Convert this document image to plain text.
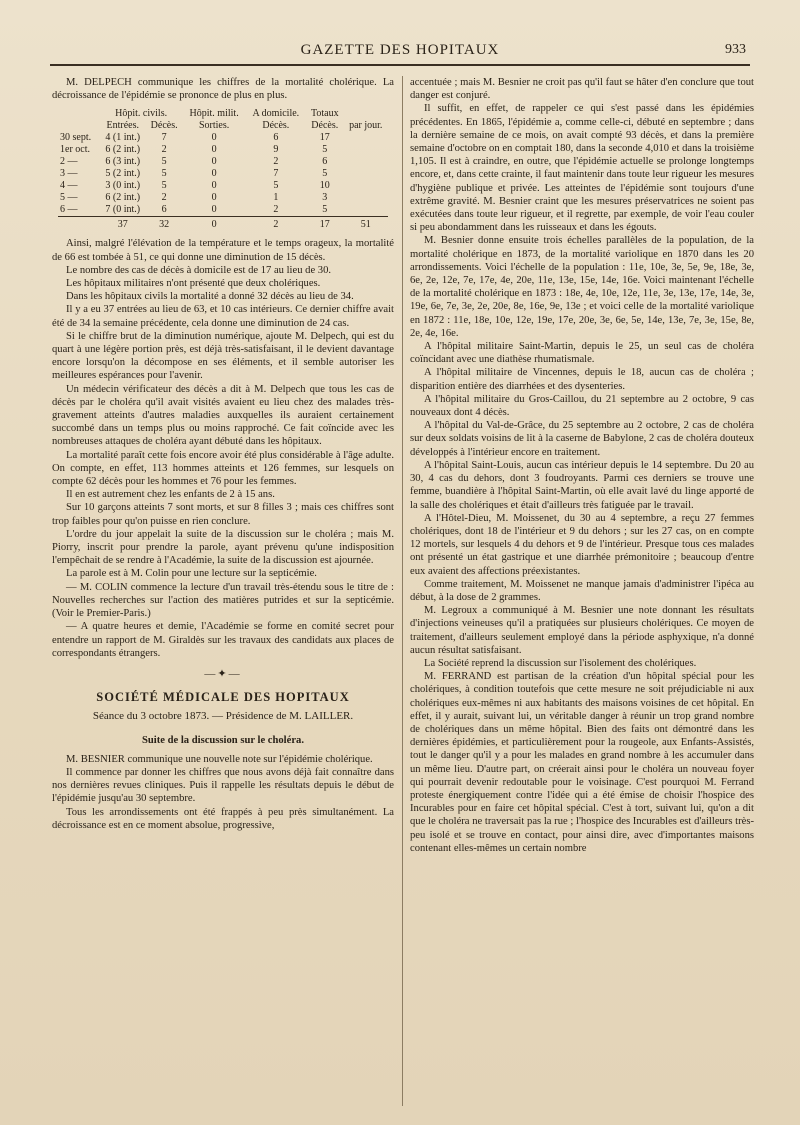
GAZETTE DES HOPITAUX	933

M. DELPECH communique les chiffres de la mortalité cholérique. La décroissance de l'épidémie se prononce de plus en plus.

	Hôpit. civils.		Hôpit. milit.	A domicile.	Totaux	
	Entrées.	Décès.	Sorties.	Décès.	Décès.	par jour.
30 sept.	4 (1 int.)	7	0	6	17	
1er oct.	6 (2 int.)	2	0	9	5	
2 —	6 (3 int.)	5	0	2	6	
3 —	5 (2 int.)	5	0	7	5	
4 —	3 (0 int.)	5	0	5	10	
5 —	6 (2 int.)	2	0	1	3	
6 —	7 (0 int.)	6	0	2	5	
	37	32	0	2	17	51

Ainsi, malgré l'élévation de la température et le temps orageux, la mortalité de 66 est tombée à 51, ce qui donne une diminution de 15 décès.

Le nombre des cas de décès à domicile est de 17 au lieu de 30.

Les hôpitaux militaires n'ont présenté que deux cholériques.

Dans les hôpitaux civils la mortalité a donné 32 décès au lieu de 34.

Il y a eu 37 entrées au lieu de 63, et 10 cas intérieurs. Ce dernier chiffre avait été de 34 la semaine précédente, cela donne une diminution de 24 cas.

Si le chiffre brut de la diminution numérique, ajoute M. Delpech, qui est du quart à une légère portion près, est déjà très-satisfaisant, il le devient davantage encore lorsqu'on la décompose en ses éléments, et il semble autoriser les meilleures espérances pour l'avenir.

Un médecin vérificateur des décès a dit à M. Delpech que tous les cas de décès par le choléra qu'il avait visités avaient eu lieu chez des malades très-gravement atteints d'autres maladies auxquelles ils auraient certainement succombé dans un temps plus ou moins rapproché. Ce fait coïncide avec les nombreuses attaques de choléra ayant débuté dans les hôpitaux.

La mortalité paraît cette fois encore avoir été plus considérable à l'âge adulte. On compte, en effet, 113 hommes atteints et 126 femmes, sur lesquels on compte 62 décès pour les hommes et 76 pour les femmes.

Il en est autrement chez les enfants de 2 à 15 ans.

Sur 10 garçons atteints 7 sont morts, et sur 8 filles 3 ; mais ces chiffres sont trop faibles pour qu'on puisse en rien conclure.

L'ordre du jour appelait la suite de la discussion sur le choléra ; mais M. Piorry, inscrit pour prendre la parole, ayant prévenu qu'une indisposition l'empêchait de se rendre à l'Académie, la suite de la discussion est ajournée.

La parole est à M. Colin pour une lecture sur la septicémie.

— M. COLIN commence la lecture d'un travail très-étendu sous le titre de : Nouvelles recherches sur l'action des matières putrides et sur la septicémie. (Voir le Premier-Paris.)

— A quatre heures et demie, l'Académie se forme en comité secret pour entendre un rapport de M. Giraldès sur les travaux des candidats aux places de correspondants étrangers.

—✦—
SOCIÉTÉ MÉDICALE DES HOPITAUX
Séance du 3 octobre 1873. — Présidence de M. LAILLER.
Suite de la discussion sur le choléra.

M. BESNIER communique une nouvelle note sur l'épidémie cholérique.

Il commence par donner les chiffres que nous avons déjà fait connaître dans nos dernières revues cliniques. Puis il rappelle les résultats depuis le début de l'épidémie jusqu'au 30 septembre.

Tous les arrondissements ont été frappés à peu près simultanément. La décroissance est en ce moment absolue, progressive,

accentuée ; mais M. Besnier ne croit pas qu'il faut se hâter d'en conclure que tout danger est conjuré.

Il suffit, en effet, de rappeler ce qui s'est passé dans les épidémies précédentes. En 1865, l'épidémie a, comme celle-ci, débuté en septembre ; dans la dernière semaine de ce mois, on avait compté 93 décès, et dans la première semaine d'octobre on en comptait 180, dans la seconde 4,010 et dans la troisième 1,105. Il est à craindre, en outre, que l'épidémie actuelle se prolonge longtemps encore, et, dans cette crainte, il faut maintenir dans toute leur rigueur les mesures d'hygiène publique et privée. Les atteintes de l'épidémie sont toujours d'une extrême gravité. M. Besnier craint que les mesures préservatrices ne soient pas exécutées dans toute leur rigueur, et il regrette, par exemple, de voir l'eau couler si peu abondamment dans les ruisseaux et dans les égouts.

M. Besnier donne ensuite trois échelles parallèles de la population, de la mortalité cholérique en 1873, de la mortalité variolique en 1870 dans les 20 arrondissements. Voici l'échelle de la population : 11e, 10e, 3e, 5e, 9e, 18e, 3e, 6e, 2e, 12e, 7e, 17e, 4e, 20e, 11e, 13e, 15e, 14e, 16e. Voici maintenant l'échelle de la mortalité cholérique en 1873 : 18e, 4e, 10e, 12e, 11e, 3e, 13e, 17e, 14e, 3e, 19e, 6e, 7e, 3e, 2e, 20e, 8e, 16e, 9e, 13e ; et voici celle de la mortalité variolique en 1872 : 11e, 18e, 10e, 12e, 19e, 17e, 20e, 3e, 6e, 5e, 14e, 13e, 7e, 3e, 15e, 8e, 2e, 4e, 16e.

A l'hôpital militaire Saint-Martin, depuis le 25, un seul cas de choléra coïncidant avec une diathèse rhumatismale.

A l'hôpital militaire de Vincennes, depuis le 18, aucun cas de choléra ; disparition entière des diarrhées et des dysenteries.

A l'hôpital militaire du Gros-Caillou, du 21 septembre au 2 octobre, 9 cas nouveaux dont 4 décès.

A l'hôpital du Val-de-Grâce, du 25 septembre au 2 octobre, 2 cas de choléra sur deux soldats voisins de lit à la caserne de Babylone, 2 cas de choléra douteux développés à l'intérieur encore en traitement.

A l'hôpital Saint-Louis, aucun cas intérieur depuis le 14 septembre. Du 20 au 30, 4 cas du dehors, dont 3 foudroyants. Parmi ces derniers se trouve une femme, buandière à l'hôpital Saint-Martin, où elle avait lavé du linge apporté de la salle des cholériques et était d'ailleurs très fatiguée par le travail.

A l'Hôtel-Dieu, M. Moissenet, du 30 au 4 septembre, a reçu 27 femmes cholériques, dont 18 de l'intérieur et 9 du dehors ; sur les 27 cas, on en compte 12 mortels, sur lesquels 4 du dehors et 9 de l'intérieur. Presque tous ces malades ont présenté un état gastrique et une diarrhée prémonitoire ; beaucoup d'entre eux avaient des affections préexistantes.

Comme traitement, M. Moissenet ne manque jamais d'administrer l'ipéca au début, à la dose de 2 grammes.

M. Legroux a communiqué à M. Besnier une note donnant les résultats d'injections veineuses qu'il a pratiquées sur plusieurs cholériques. Ce moyen de traitement, d'ailleurs seulement employé dans la période asphyxique, n'a donné aucun résultat satisfaisant.

La Société reprend la discussion sur l'isolement des cholériques.

M. FERRAND est partisan de la création d'un hôpital spécial pour les cholériques, à condition toutefois que cette mesure ne soit préjudiciable ni aux cholériques eux-mêmes ni aux habitants des maisons voisines de cet hôpital. En effet, il y aurait, suivant lui, un véritable danger à réunir un trop grand nombre de cholériques dans un même hôpital. Bien des faits ont démontré dans les dernières épidémies, et particulièrement pour la rougeole, aux Enfants-Assistés, tout le danger qu'il y a pour les malades en grand nombre à les accumuler dans un même lieu. D'autre part, on créerait ainsi pour le choléra un nouveau foyer qui pourrait devenir redoutable pour le voisinage. C'est pourquoi M. Ferrand proteste énergiquement contre l'idée qui a été émise de choisir l'hospice des Incurables pour en faire cet hôpital spécial. C'est à tort, suivant lui, qu'on a dit que le choléra ne traversait pas la rue ; l'hospice des Incurables est d'ailleurs très-peu isolé et se trouve en contact, pour ainsi dire, avec d'importantes maisons contenant elles-mêmes un certain nombre
